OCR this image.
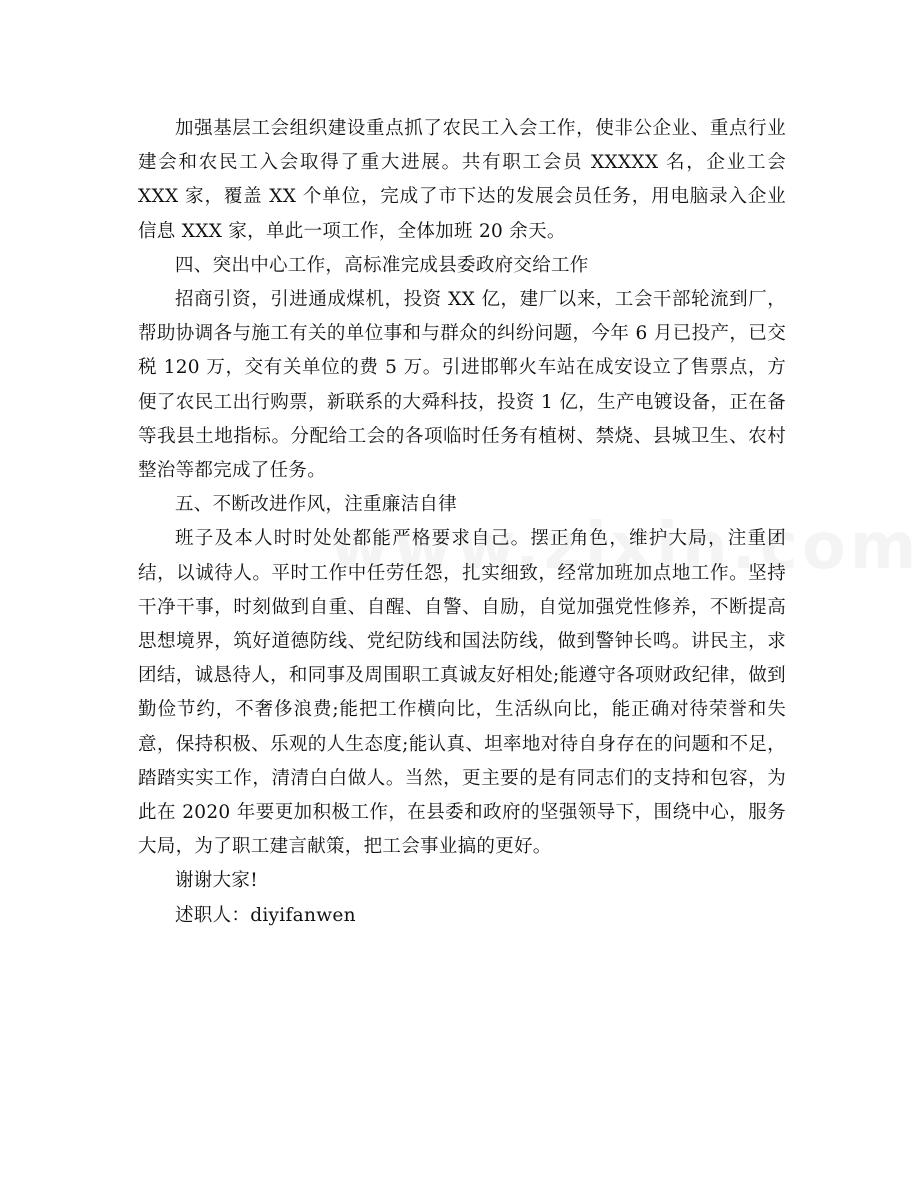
加强基层工会组织建设重点抓了农民工入会工作，使非公企业、重点行业建会和农民工入会取得了重大进展。共有职工会员 XXXXX 名，企业工会 XXX 家，覆盖 XX 个单位，完成了市下达的发展会员任务，用电脑录入企业信息 XXX 家，单此一项工作，全体加班 20 余天。

四、突出中心工作，高标准完成县委政府交给工作

招商引资，引进通成煤机，投资 XX 亿，建厂以来，工会干部轮流到厂，帮助协调各与施工有关的单位事和与群众的纠纷问题，今年 6 月已投产，已交税 120 万，交有关单位的费 5 万。引进邯郸火车站在成安设立了售票点，方便了农民工出行购票，新联系的大舜科技，投资 1 亿，生产电镀设备，正在备等我县土地指标。分配给工会的各项临时任务有植树、禁烧、县城卫生、农村整治等都完成了任务。

五、不断改进作风，注重廉洁自律

班子及本人时时处处都能严格要求自己。摆正角色，维护大局，注重团结，以诚待人。平时工作中任劳任怨，扎实细致，经常加班加点地工作。坚持干净干事，时刻做到自重、自醒、自警、自励，自觉加强党性修养，不断提高思想境界，筑好道德防线、党纪防线和国法防线，做到警钟长鸣。讲民主，求团结，诚恳待人，和同事及周围职工真诚友好相处;能遵守各项财政纪律，做到勤俭节约，不奢侈浪费;能把工作横向比，生活纵向比，能正确对待荣誉和失意，保持积极、乐观的人生态度;能认真、坦率地对待自身存在的问题和不足，踏踏实实工作，清清白白做人。当然，更主要的是有同志们的支持和包容，为此在 2020 年要更加积极工作，在县委和政府的坚强领导下，围绕中心，服务大局，为了职工建言献策，把工会事业搞的更好。

谢谢大家!

述职人：diyifanwen
